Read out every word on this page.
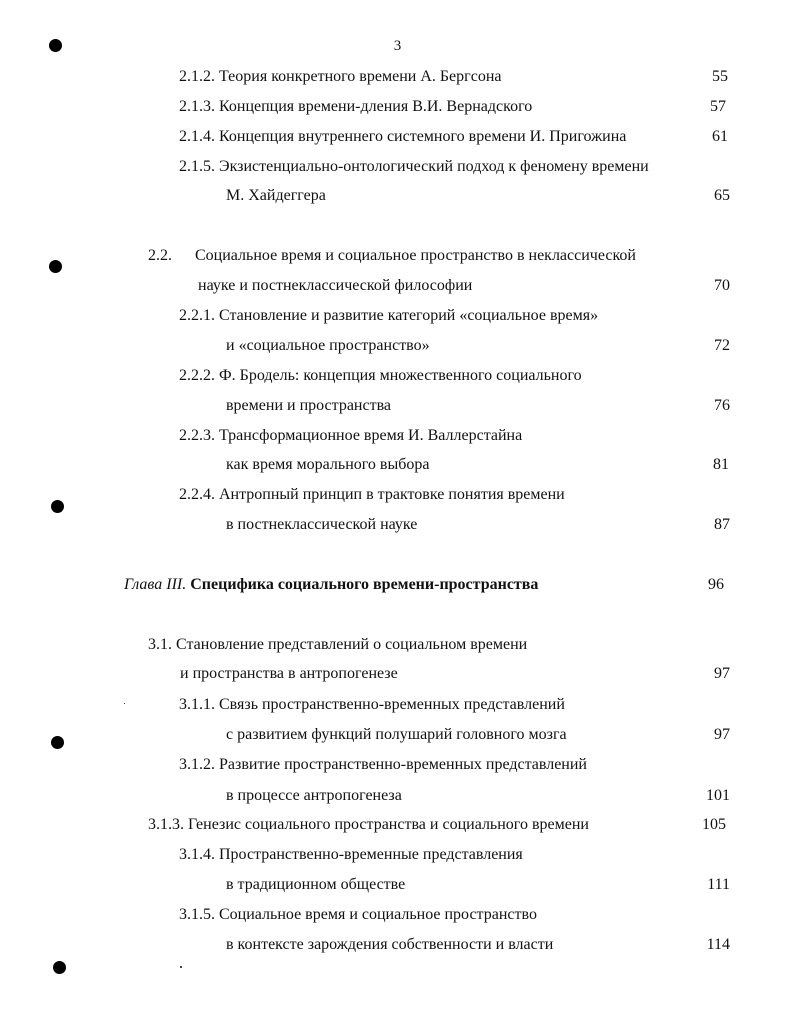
3
2.1.2. Теория конкретного времени А. Бергсона	55
2.1.3. Концепция времени-дления В.И. Вернадского	57
2.1.4. Концепция внутреннего системного времени И. Пригожина	61
2.1.5. Экзистенциально-онтологический подход к феномену времени
М. Хайдеггера	65
2.2. Социальное время и социальное пространство в неклассической
науке и постнеклассической философии	70
2.2.1. Становление и развитие категорий «социальное время»
и «социальное пространство»	72
2.2.2. Ф. Бродель: концепция множественного социального
времени и пространства	76
2.2.3. Трансформационное время И. Валлерстайна
как время морального выбора	81
2.2.4. Антропный принцип в трактовке понятия времени
в постнеклассической науке	87
Глава III. Специфика социального времени-пространства	96
3.1. Становление представлений о социальном времени
и пространства в антропогенезе	97
3.1.1. Связь пространственно-временных представлений
с развитием функций полушарий головного мозга	97
3.1.2. Развитие пространственно-временных представлений
в процессе антропогенеза	101
3.1.3. Генезис социального пространства и социального времени	105
3.1.4. Пространственно-временные представления
в традиционном обществе	111
3.1.5. Социальное время и социальное пространство
в контексте зарождения собственности и власти	114
